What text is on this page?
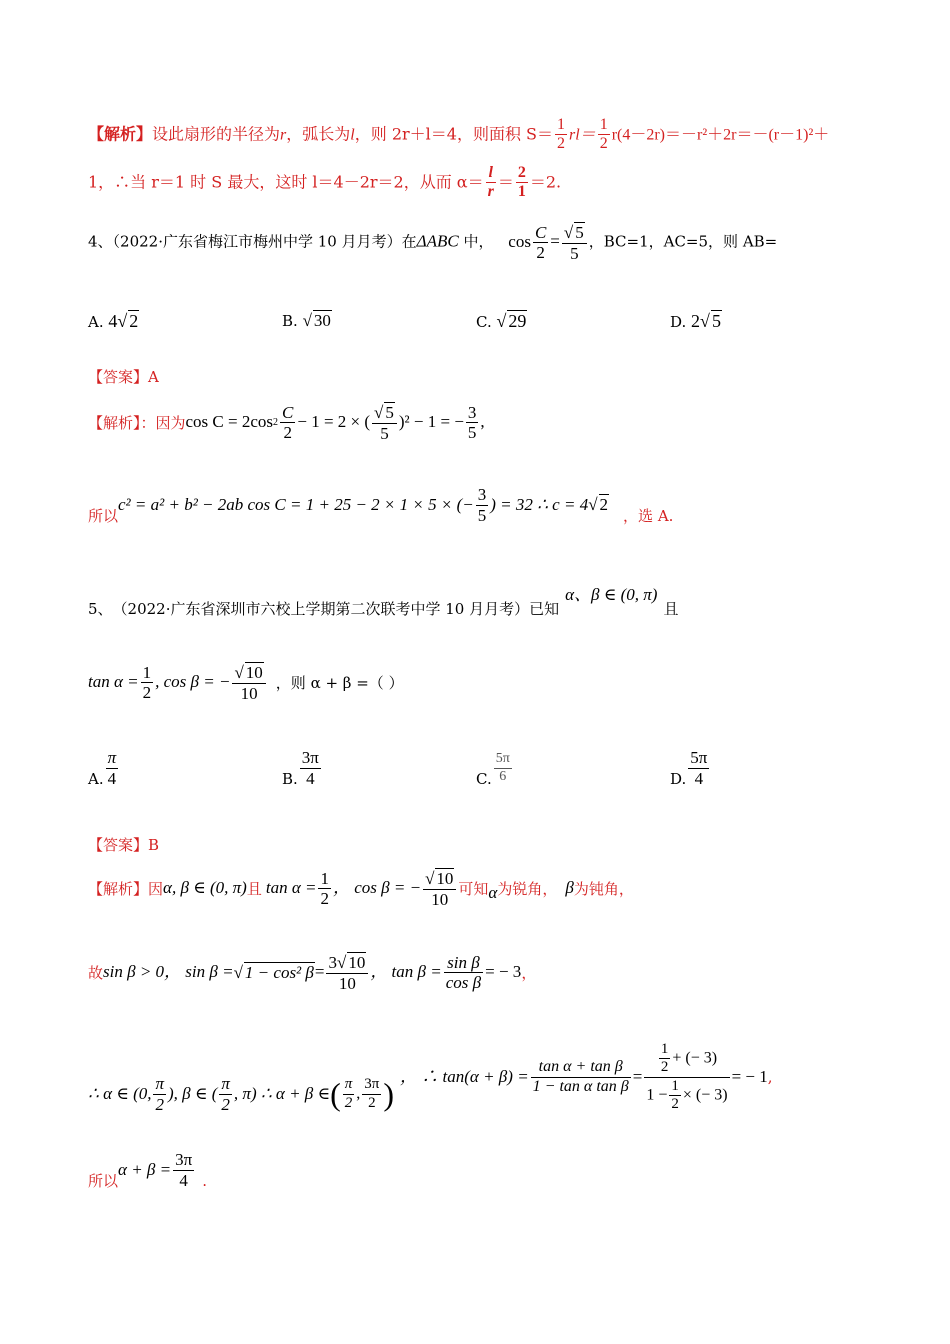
【解析】设此扇形的半径为r，弧长为l，则 2r＋l＝4，则面积 $S= \frac{1}{2} rl= \frac{1}{2} r(4-2r)=-r^2+2r=-(r-1)^2+$
1，∴当 r＝1 时 S 最大，这时 l＝4－2r＝2，从而 $\alpha= \frac{l}{r} = \frac{2}{1} =2$.
4、（2022·广东省梅江市梅州中学 10 月月考）在ΔABC 中， $\cos \frac{C}{2} = \frac{√ 5}{5}$ ，BC=1，AC=5，则 AB=
A. 4√ 2	B. √ 30	C. √ 29	D. 2√ 5
【答案】A
【解析】：因为 cos C = 2cos $2 \frac{C}{2} - 1 = 2$ × ( $\frac{√ 5}{5} )^2 - 1$ = − $\frac{3}{5}$ ,
所以
c² = a² + b² − 2ab cos C = 1 + 25 − 2 × 1 × 5 × (− $\frac{3}{5}$ ) = 32 ∴ c = 4 √ 2
，选 A.
5、 （2022·广东省深圳市六校上学期第二次联考中学 10 月月考）已知
α、β ∈ (0, π)
且
$\tan \alpha = \frac{1}{2}$ , cos β = − $\frac{√ 10}{10}$ ，则 α + β =（ ）
A. $\frac{\pi}{4}$	B. $\frac{3\pi}{4}$	C. $\frac{5\pi}{6}$	D. $\frac{5\pi}{4}$
【答案】B
【解析】因 α, β ∈ (0, π) 且 $\tan \alpha = \frac{1}{2}$ ， cos β = − $\frac{√ 10}{10}$ 可知 α 为锐角， β 为钝角，
故 sin β > 0 ， sin β = √ 1 − cos² $\beta = \frac{3√ 10}{10}$ ， $\tan \beta = \frac{\text{sin β}}{\text{cos β}}$ = − 3 ，
∴ α ∈ (0, $\frac{\pi}{2}$ ), β ∈ ( $\frac{\pi}{2}$ , π) ∴ α + β ∈ ( $\frac{\pi}{2}$ , $\frac{3\pi}{2}$ ) ， ∴ $\tan(\alpha + \beta) = \frac{\text{tan α + tan β}}{\text{1 − tan α tan β}} = \frac{\frac{1}{2} + (- 3)}{1 - \frac{1}{2} \times (- 3)}$ = − 1 ,
所以
$\alpha + \beta = \frac{3\pi}{4}$ .
